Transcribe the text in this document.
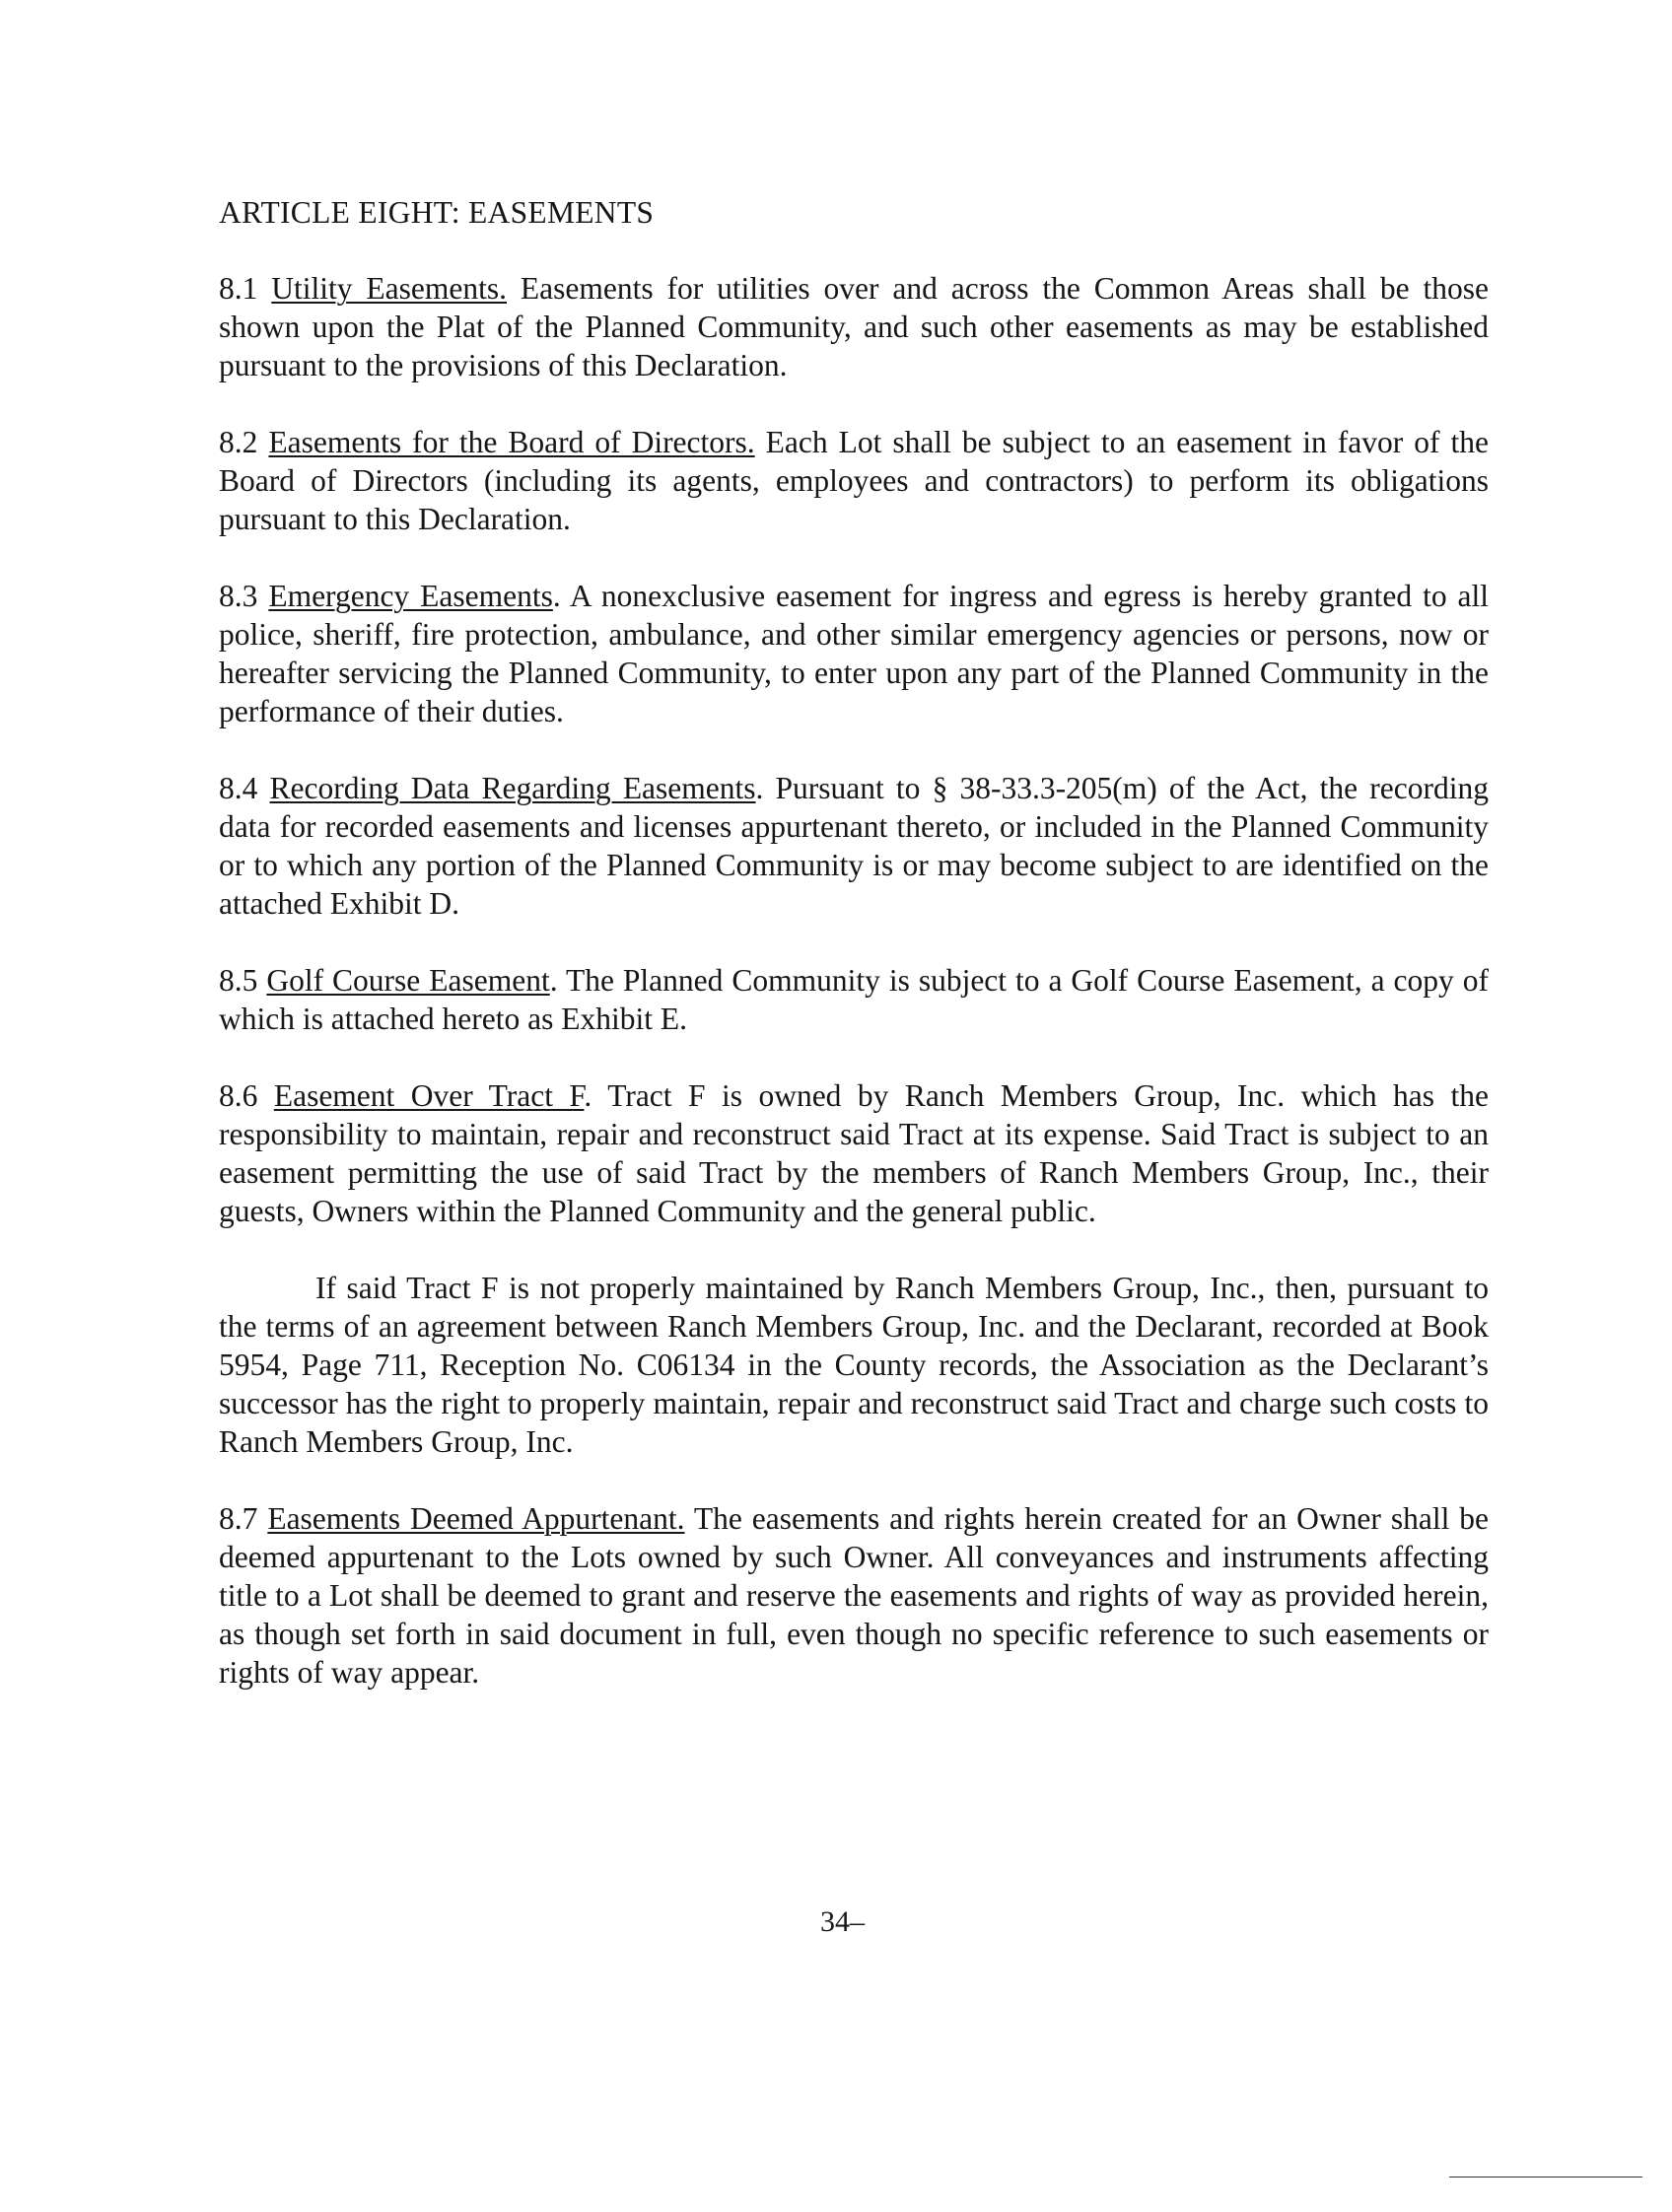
ARTICLE EIGHT: EASEMENTS

8.1 Utility Easements. Easements for utilities over and across the Common Areas shall be those shown upon the Plat of the Planned Community, and such other easements as may be established pursuant to the provisions of this Declaration.

8.2 Easements for the Board of Directors. Each Lot shall be subject to an easement in favor of the Board of Directors (including its agents, employees and contractors) to perform its obligations pursuant to this Declaration.

8.3 Emergency Easements. A nonexclusive easement for ingress and egress is hereby granted to all police, sheriff, fire protection, ambulance, and other similar emergency agencies or persons, now or hereafter servicing the Planned Community, to enter upon any part of the Planned Community in the performance of their duties.

8.4 Recording Data Regarding Easements. Pursuant to § 38-33.3-205(m) of the Act, the recording data for recorded easements and licenses appurtenant thereto, or included in the Planned Community or to which any portion of the Planned Community is or may become subject to are identified on the attached Exhibit D.

8.5 Golf Course Easement. The Planned Community is subject to a Golf Course Easement, a copy of which is attached hereto as Exhibit E.

8.6 Easement Over Tract F. Tract F is owned by Ranch Members Group, Inc. which has the responsibility to maintain, repair and reconstruct said Tract at its expense. Said Tract is subject to an easement permitting the use of said Tract by the members of Ranch Members Group, Inc., their guests, Owners within the Planned Community and the general public.

If said Tract F is not properly maintained by Ranch Members Group, Inc., then, pursuant to the terms of an agreement between Ranch Members Group, Inc. and the Declarant, recorded at Book 5954, Page 711, Reception No. C06134 in the County records, the Association as the Declarant’s successor has the right to properly maintain, repair and reconstruct said Tract and charge such costs to Ranch Members Group, Inc.

8.7 Easements Deemed Appurtenant. The easements and rights herein created for an Owner shall be deemed appurtenant to the Lots owned by such Owner. All conveyances and instruments affecting title to a Lot shall be deemed to grant and reserve the easements and rights of way as provided herein, as though set forth in said document in full, even though no specific reference to such easements or rights of way appear.

34–
